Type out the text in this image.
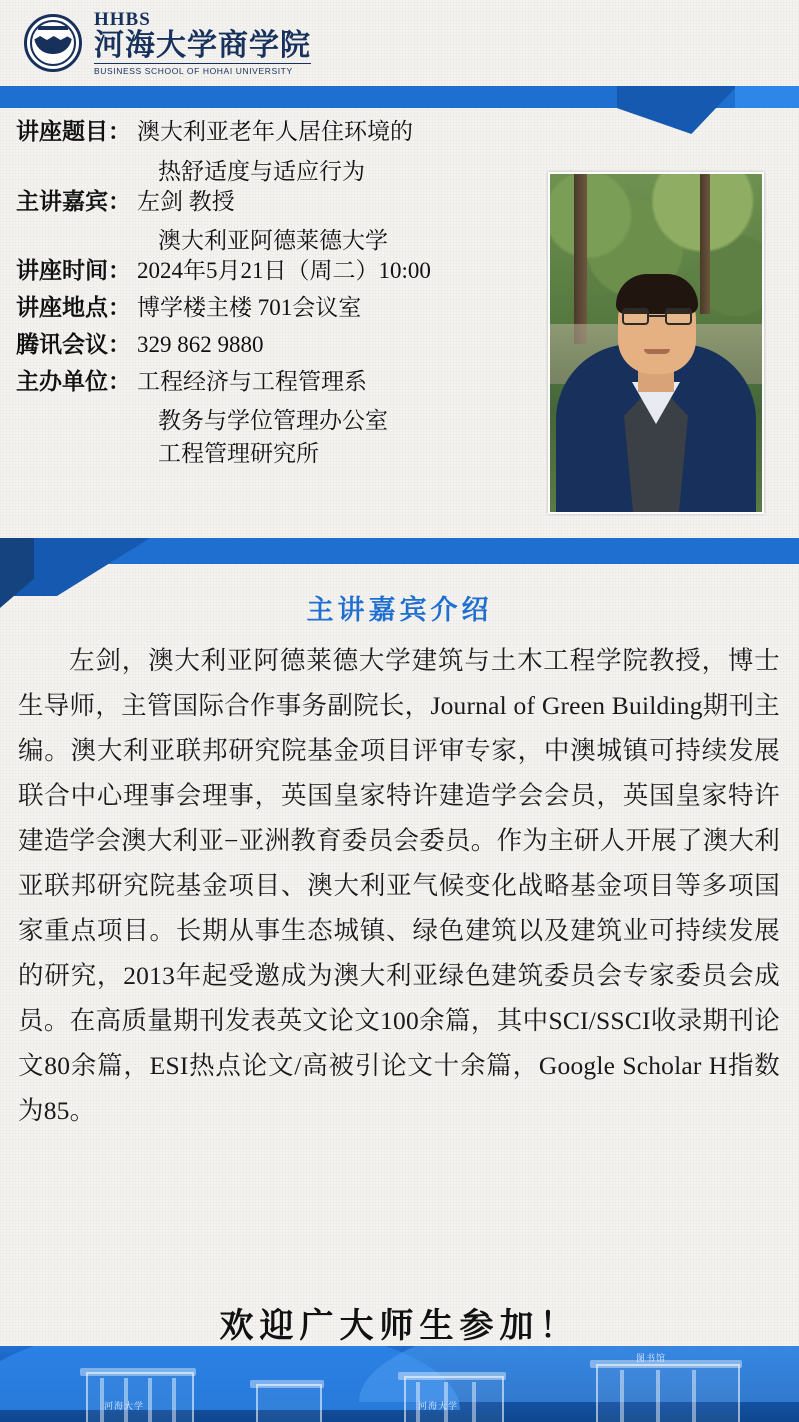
HHBS
河海大学商学院
BUSINESS SCHOOL OF HOHAI UNIVERSITY
讲座题目： 澳大利亚老年人居住环境的
热舒适度与适应行为
主讲嘉宾： 左剑 教授
澳大利亚阿德莱德大学
讲座时间： 2024年5月21日（周二）10:00
讲座地点： 博学楼主楼 701会议室
腾讯会议： 329 862 9880
主办单位： 工程经济与工程管理系
教务与学位管理办公室
工程管理研究所
主讲嘉宾介绍
左剑，澳大利亚阿德莱德大学建筑与土木工程学院教授，博士生导师，主管国际合作事务副院长，Journal of Green Building期刊主编。澳大利亚联邦研究院基金项目评审专家，中澳城镇可持续发展联合中心理事会理事，英国皇家特许建造学会会员，英国皇家特许建造学会澳大利亚−亚洲教育委员会委员。作为主研人开展了澳大利亚联邦研究院基金项目、澳大利亚气候变化战略基金项目等多项国家重点项目。长期从事生态城镇、绿色建筑以及建筑业可持续发展的研究，2013年起受邀成为澳大利亚绿色建筑委员会专家委员会成员。在高质量期刊发表英文论文100余篇，其中SCI/SSCI收录期刊论文80余篇，ESI热点论文/高被引论文十余篇，Google Scholar H指数为85。
欢迎广大师生参加！
河海大学	河海大学
图书馆
